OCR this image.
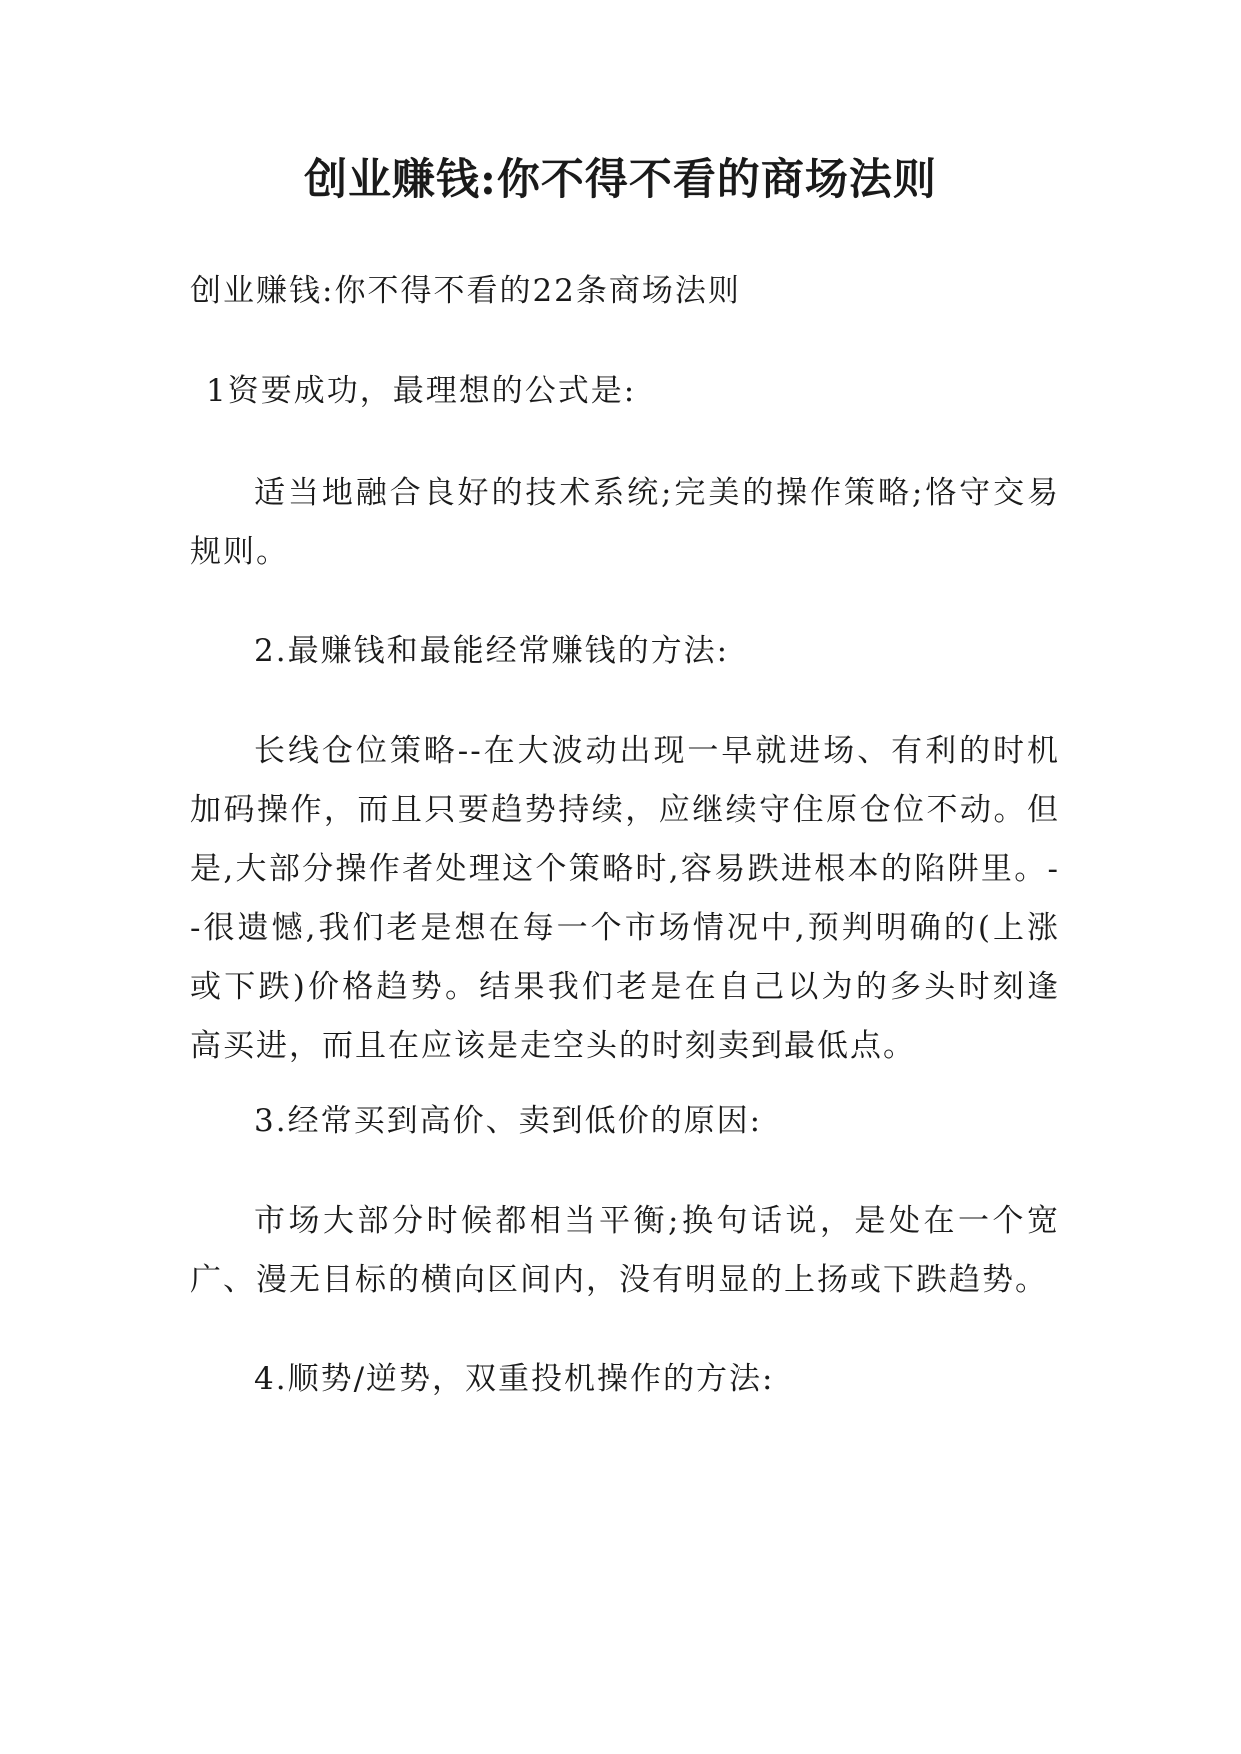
创业赚钱:你不得不看的商场法则

创业赚钱:你不得不看的22条商场法则

1资要成功，最理想的公式是:

适当地融合良好的技术系统;完美的操作策略;恪守交易规则。

2.最赚钱和最能经常赚钱的方法:

长线仓位策略--在大波动出现一早就进场、有利的时机加码操作，而且只要趋势持续，应继续守住原仓位不动。但是,大部分操作者处理这个策略时,容易跌进根本的陷阱里。--很遗憾,我们老是想在每一个市场情况中,预判明确的(上涨或下跌)价格趋势。结果我们老是在自己以为的多头时刻逢高买进，而且在应该是走空头的时刻卖到最低点。

3.经常买到高价、卖到低价的原因:

市场大部分时候都相当平衡;换句话说，是处在一个宽广、漫无目标的横向区间内，没有明显的上扬或下跌趋势。

4.顺势/逆势，双重投机操作的方法:
